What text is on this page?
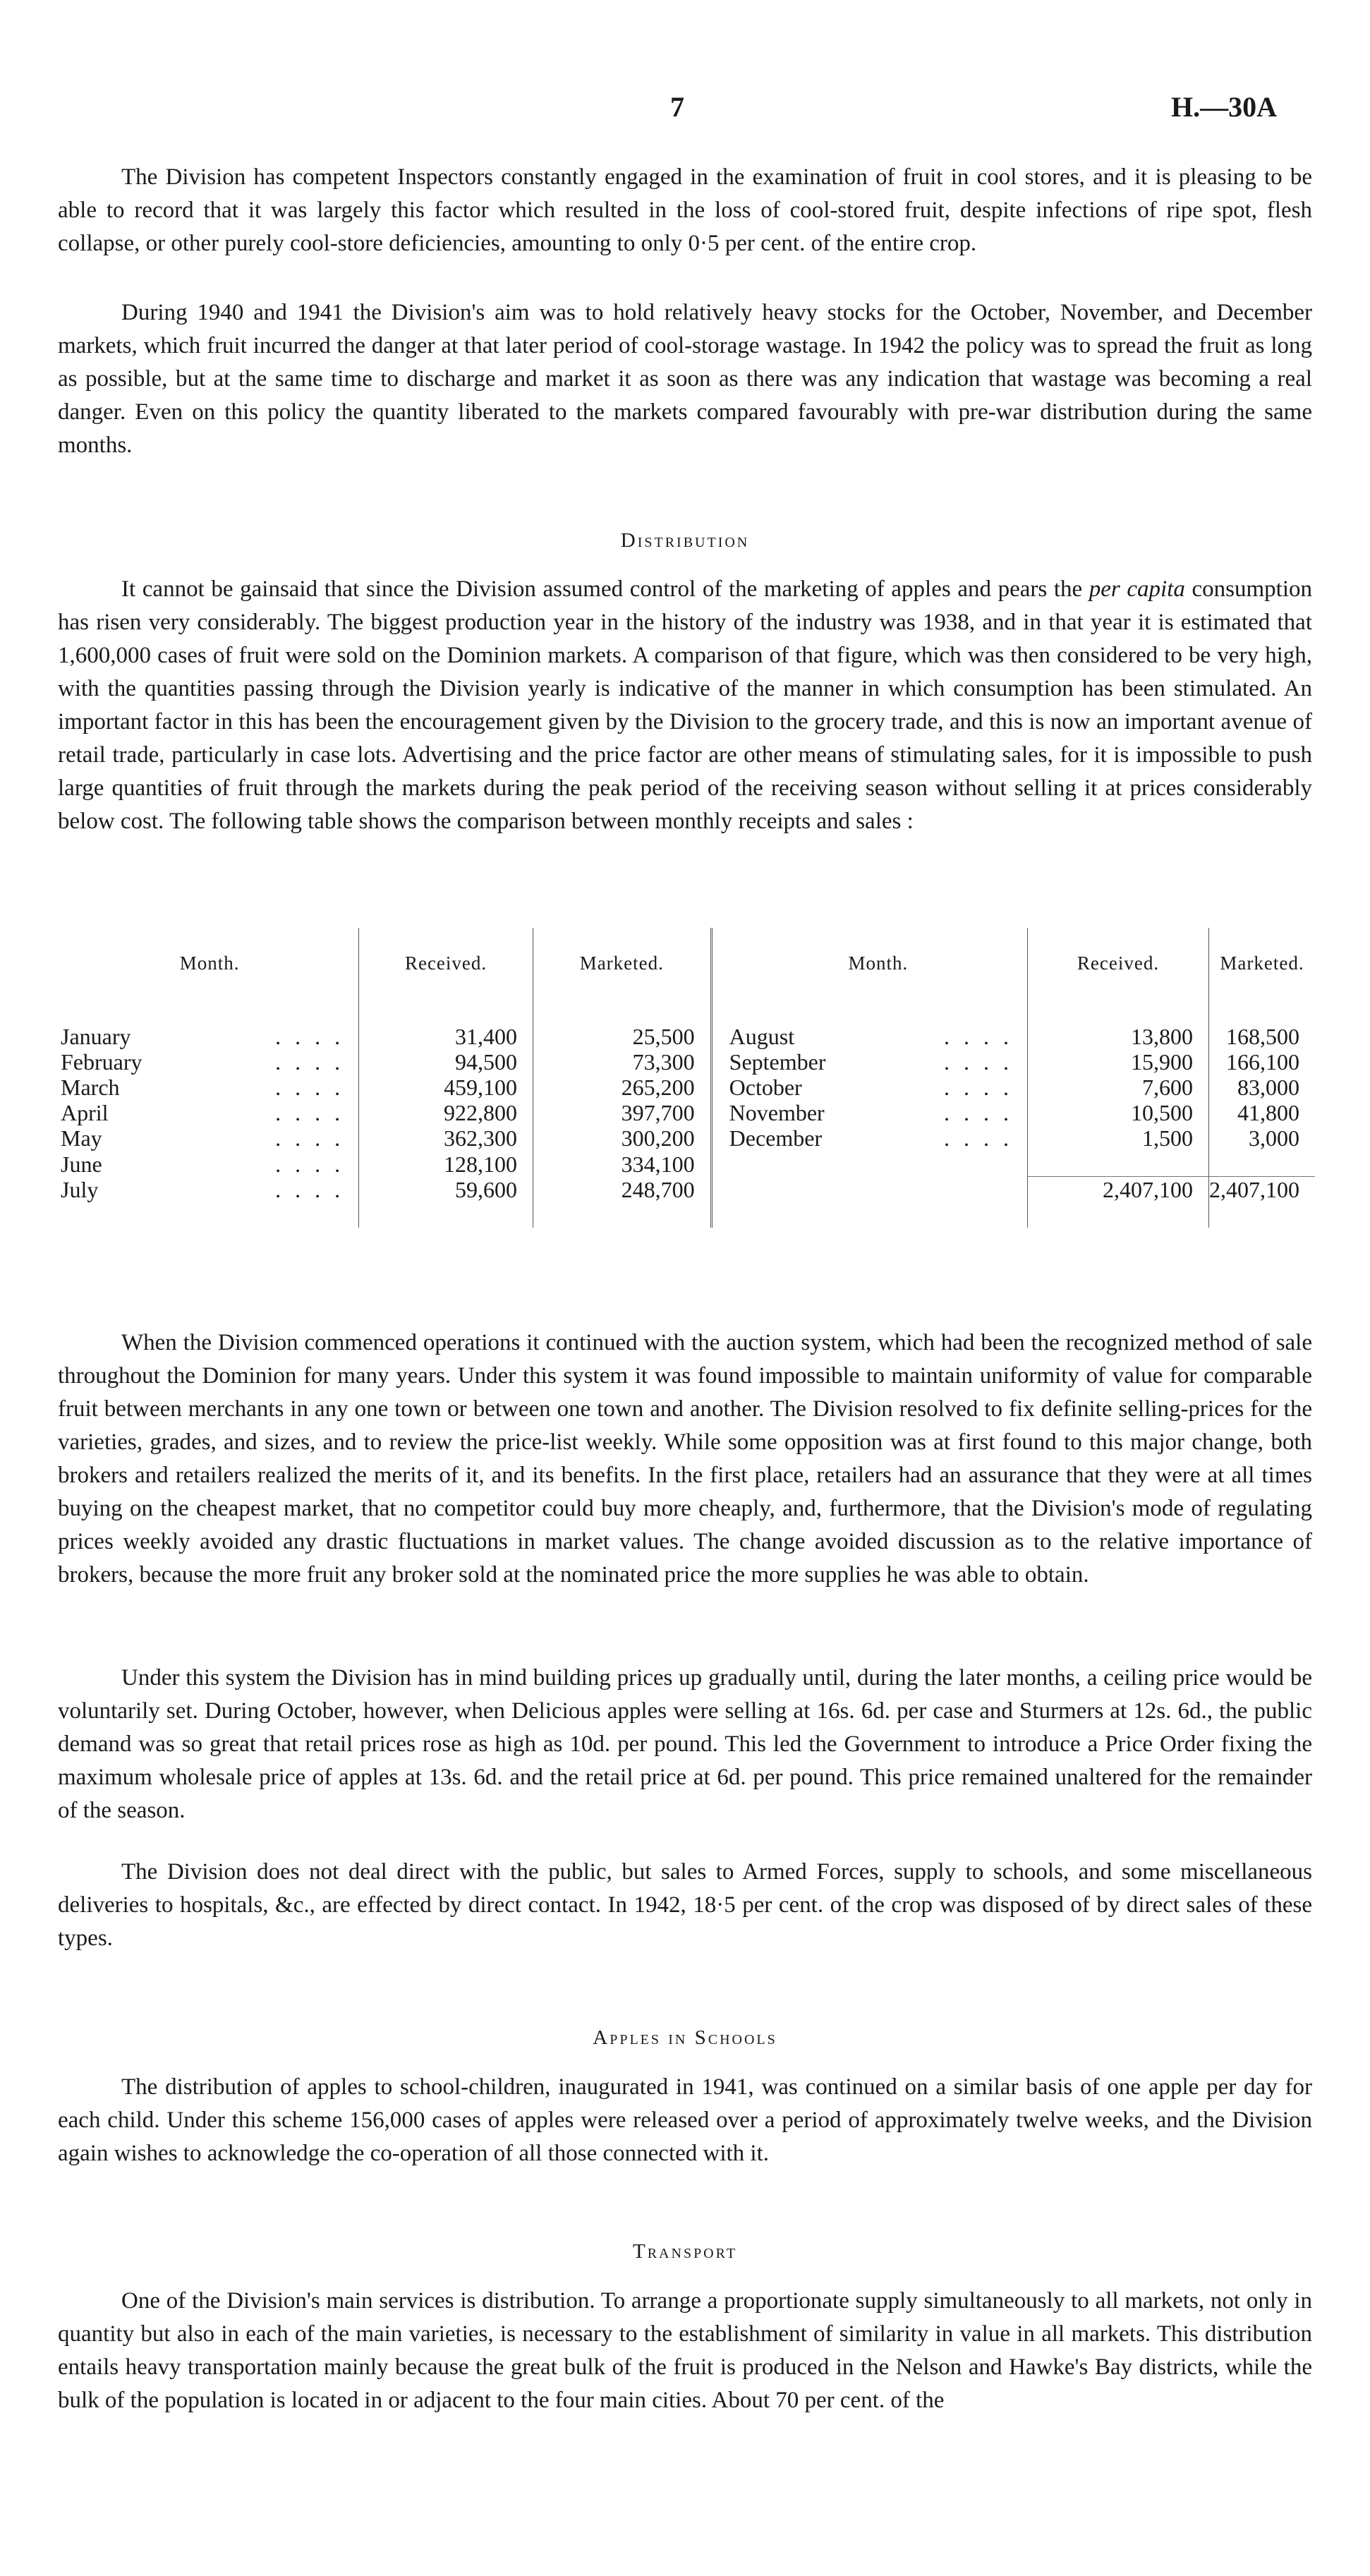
7	H.—30A

The Division has competent Inspectors constantly engaged in the examination of fruit in cool stores, and it is pleasing to be able to record that it was largely this factor which resulted in the loss of cool-stored fruit, despite infections of ripe spot, flesh collapse, or other purely cool-store deficiencies, amounting to only 0·5 per cent. of the entire crop.

During 1940 and 1941 the Division's aim was to hold relatively heavy stocks for the October, November, and December markets, which fruit incurred the danger at that later period of cool-storage wastage. In 1942 the policy was to spread the fruit as long as possible, but at the same time to discharge and market it as soon as there was any indication that wastage was becoming a real danger. Even on this policy the quantity liberated to the markets compared favourably with pre-war distribution during the same months.

Distribution

It cannot be gainsaid that since the Division assumed control of the marketing of apples and pears the per capita consumption has risen very considerably. The biggest production year in the history of the industry was 1938, and in that year it is estimated that 1,600,000 cases of fruit were sold on the Dominion markets. A comparison of that figure, which was then considered to be very high, with the quantities passing through the Division yearly is indicative of the manner in which consumption has been stimulated. An important factor in this has been the encouragement given by the Division to the grocery trade, and this is now an important avenue of retail trade, particularly in case lots. Advertising and the price factor are other means of stimulating sales, for it is impossible to push large quantities of fruit through the markets during the peak period of the receiving season without selling it at prices considerably below cost. The following table shows the comparison between monthly receipts and sales :

Month.		Received.	Marketed.	Month.		Received.	Marketed.

January	. . . .	31,400	25,500	August	. . . .	13,800	168,500
February	. . . .	94,500	73,300	September	. . . .	15,900	166,100
March	. . . .	459,100	265,200	October	. . . .	7,600	83,000
April	. . . .	922,800	397,700	November	. . . .	10,500	41,800
May	. . . .	362,300	300,200	December	. . . .	1,500	3,000
June	. . . .	128,100	334,100				
July	. . . .	59,600	248,700			2,407,100	2,407,100

When the Division commenced operations it continued with the auction system, which had been the recognized method of sale throughout the Dominion for many years. Under this system it was found impossible to maintain uniformity of value for comparable fruit between merchants in any one town or between one town and another. The Division resolved to fix definite selling-prices for the varieties, grades, and sizes, and to review the price-list weekly. While some opposition was at first found to this major change, both brokers and retailers realized the merits of it, and its benefits. In the first place, retailers had an assurance that they were at all times buying on the cheapest market, that no competitor could buy more cheaply, and, furthermore, that the Division's mode of regulating prices weekly avoided any drastic fluctuations in market values. The change avoided discussion as to the relative importance of brokers, because the more fruit any broker sold at the nominated price the more supplies he was able to obtain.

Under this system the Division has in mind building prices up gradually until, during the later months, a ceiling price would be voluntarily set. During October, however, when Delicious apples were selling at 16s. 6d. per case and Sturmers at 12s. 6d., the public demand was so great that retail prices rose as high as 10d. per pound. This led the Government to introduce a Price Order fixing the maximum wholesale price of apples at 13s. 6d. and the retail price at 6d. per pound. This price remained unaltered for the remainder of the season.

The Division does not deal direct with the public, but sales to Armed Forces, supply to schools, and some miscellaneous deliveries to hospitals, &c., are effected by direct contact. In 1942, 18·5 per cent. of the crop was disposed of by direct sales of these types.

Apples in Schools

The distribution of apples to school-children, inaugurated in 1941, was continued on a similar basis of one apple per day for each child. Under this scheme 156,000 cases of apples were released over a period of approximately twelve weeks, and the Division again wishes to acknowledge the co-operation of all those connected with it.

Transport

One of the Division's main services is distribution. To arrange a proportionate supply simultaneously to all markets, not only in quantity but also in each of the main varieties, is necessary to the establishment of similarity in value in all markets. This distribution entails heavy transportation mainly because the great bulk of the fruit is produced in the Nelson and Hawke's Bay districts, while the bulk of the population is located in or adjacent to the four main cities. About 70 per cent. of the
